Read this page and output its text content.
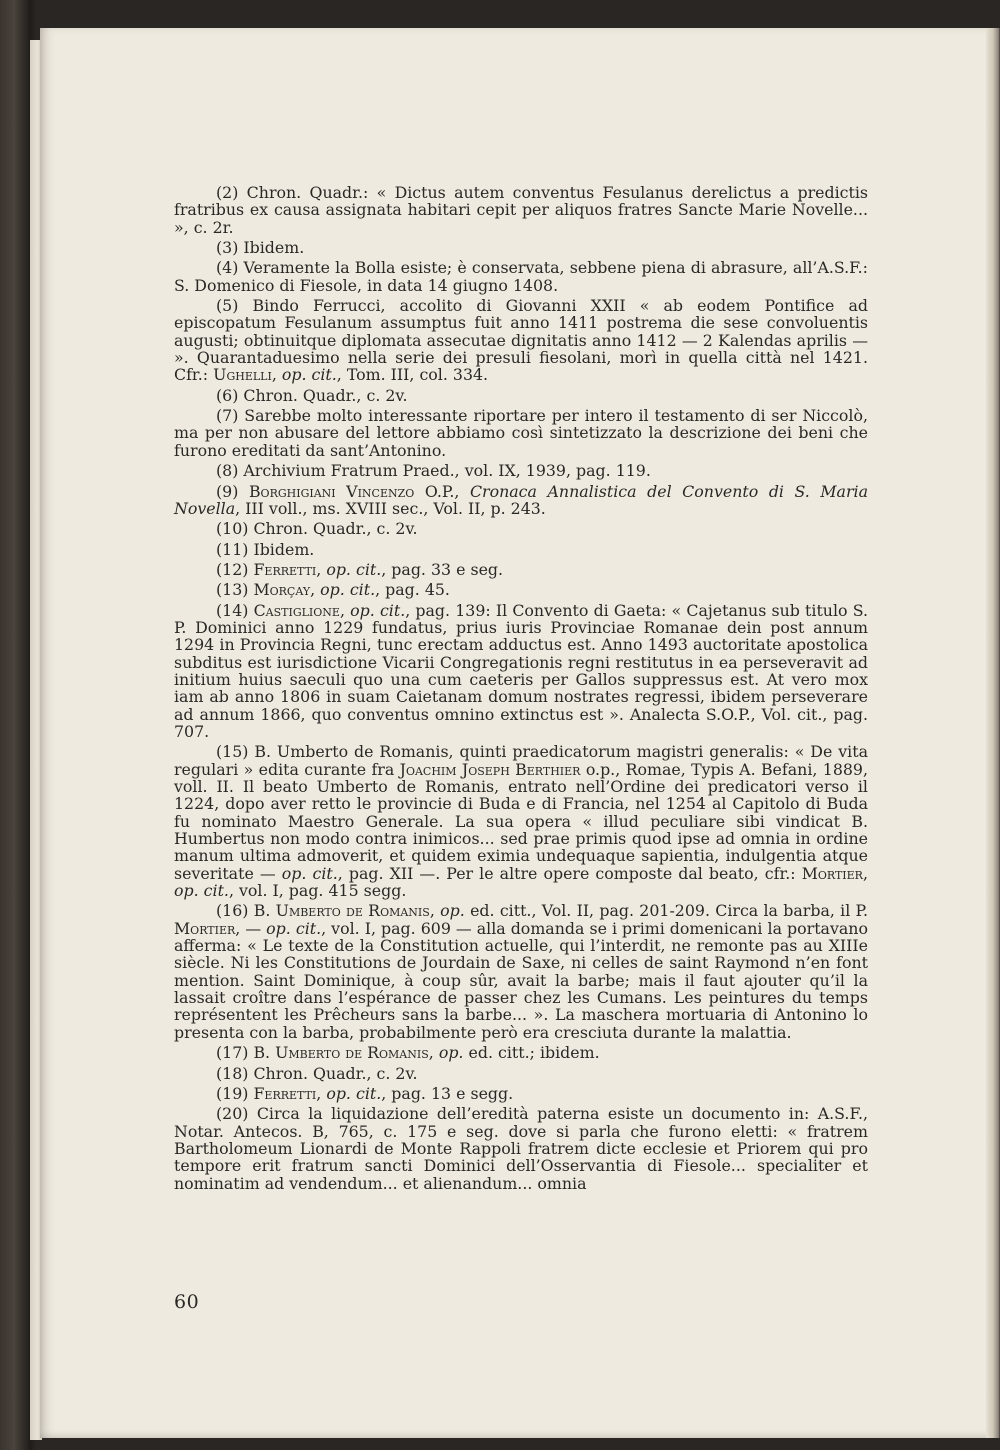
(2) Chron. Quadr.: « Dictus autem conventus Fesulanus derelictus a predictis fratribus ex causa assignata habitari cepit per aliquos fratres Sancte Marie Novelle... », c. 2r.

(3) Ibidem.

(4) Veramente la Bolla esiste; è conservata, sebbene piena di abrasure, all’A.S.F.: S. Domenico di Fiesole, in data 14 giugno 1408.

(5) Bindo Ferrucci, accolito di Giovanni XXII « ab eodem Pontifice ad episcopatum Fesulanum assumptus fuit anno 1411 postrema die sese convoluentis augusti; obtinuitque diplomata assecutae dignitatis anno 1412 — 2 Kalendas aprilis — ». Quarantaduesimo nella serie dei presuli fiesolani, morì in quella città nel 1421. Cfr.: Ughelli, op. cit., Tom. III, col. 334.

(6) Chron. Quadr., c. 2v.

(7) Sarebbe molto interessante riportare per intero il testamento di ser Niccolò, ma per non abusare del lettore abbiamo così sintetizzato la descrizione dei beni che furono ereditati da sant’Antonino.

(8) Archivium Fratrum Praed., vol. IX, 1939, pag. 119.

(9) Borghigiani Vincenzo O.P., Cronaca Annalistica del Convento di S. Maria Novella, III voll., ms. XVIII sec., Vol. II, p. 243.

(10) Chron. Quadr., c. 2v.

(11) Ibidem.

(12) Ferretti, op. cit., pag. 33 e seg.

(13) Morçay, op. cit., pag. 45.

(14) Castiglione, op. cit., pag. 139: Il Convento di Gaeta: « Cajetanus sub titulo S. P. Dominici anno 1229 fundatus, prius iuris Provinciae Romanae dein post annum 1294 in Provincia Regni, tunc erectam adductus est. Anno 1493 auctoritate apostolica subditus est iurisdictione Vicarii Congregationis regni restitutus in ea perseveravit ad initium huius saeculi quo una cum caeteris per Gallos suppressus est. At vero mox iam ab anno 1806 in suam Caietanam domum nostrates regressi, ibidem perseverare ad annum 1866, quo conventus omnino extinctus est ». Analecta S.O.P., Vol. cit., pag. 707.

(15) B. Umberto de Romanis, quinti praedicatorum magistri generalis: « De vita regulari » edita curante fra Joachim Joseph Berthier o.p., Romae, Typis A. Befani, 1889, voll. II. Il beato Umberto de Romanis, entrato nell’Ordine dei predicatori verso il 1224, dopo aver retto le provincie di Buda e di Francia, nel 1254 al Capitolo di Buda fu nominato Maestro Generale. La sua opera « illud peculiare sibi vindicat B. Humbertus non modo contra inimicos... sed prae primis quod ipse ad omnia in ordine manum ultima admoverit, et quidem eximia undequaque sapientia, indulgentia atque severitate — op. cit., pag. XII —. Per le altre opere composte dal beato, cfr.: Mortier, op. cit., vol. I, pag. 415 segg.

(16) B. Umberto de Romanis, op. ed. citt., Vol. II, pag. 201-209. Circa la barba, il P. Mortier, — op. cit., vol. I, pag. 609 — alla domanda se i primi domenicani la portavano afferma: « Le texte de la Constitution actuelle, qui l’interdit, ne remonte pas au XIIIe siècle. Ni les Constitutions de Jourdain de Saxe, ni celles de saint Raymond n’en font mention. Saint Dominique, à coup sûr, avait la barbe; mais il faut ajouter qu’il la lassait croître dans l’espérance de passer chez les Cumans. Les peintures du temps représentent les Prêcheurs sans la barbe... ». La maschera mortuaria di Antonino lo presenta con la barba, probabilmente però era cresciuta durante la malattia.

(17) B. Umberto de Romanis, op. ed. citt.; ibidem.

(18) Chron. Quadr., c. 2v.

(19) Ferretti, op. cit., pag. 13 e segg.

(20) Circa la liquidazione dell’eredità paterna esiste un documento in: A.S.F., Notar. Antecos. B, 765, c. 175 e seg. dove si parla che furono eletti: « fratrem Bartholomeum Lionardi de Monte Rappoli fratrem dicte ecclesie et Priorem qui pro tempore erit fratrum sancti Dominici dell’Osservantia di Fiesole... specialiter et nominatim ad vendendum... et alienandum... omnia

60
